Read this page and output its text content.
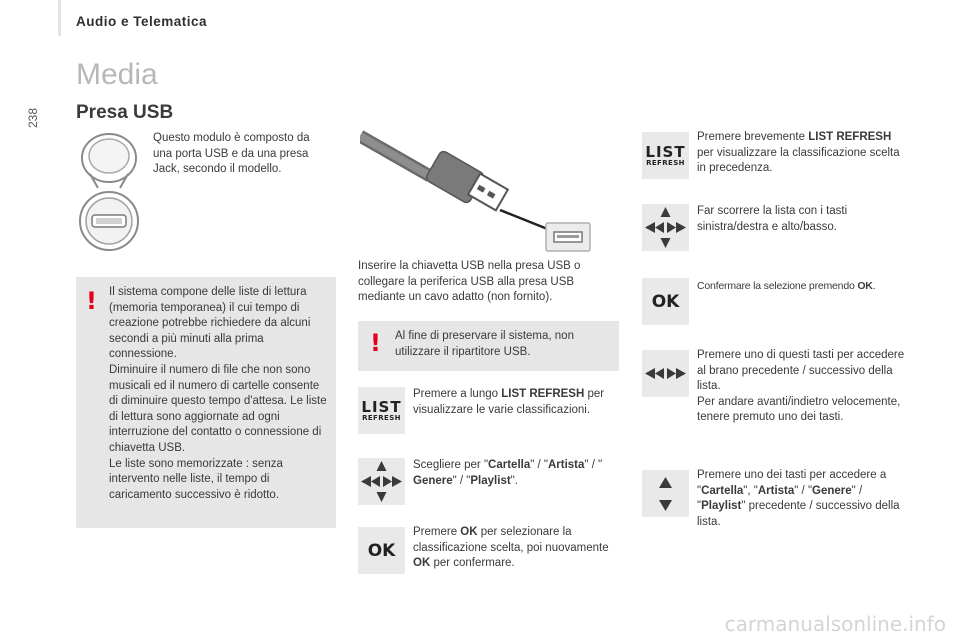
Audio e Telematica
238
Media
Presa USB
Questo modulo è composto da una porta USB e da una presa Jack, secondo il modello.
! Il sistema compone delle liste di lettura (memoria temporanea) il cui tempo di creazione potrebbe richiedere da alcuni secondi a più minuti alla prima connessione.

Diminuire il numero di file che non sono musicali ed il numero di cartelle consente di diminuire questo tempo d'attesa. Le liste di lettura sono aggiornate ad ogni interruzione del contatto o connessione di chiavetta USB.

Le liste sono memorizzate : senza intervento nelle liste, il tempo di caricamento successivo è ridotto.

Inserire la chiavetta USB nella presa USB o collegare la periferica USB alla presa USB mediante un cavo adatto (non fornito).
! Al fine di preservare il sistema, non utilizzare il ripartitore USB.
LIST
REFRESH
Premere a lungo LIST REFRESH per visualizzare le varie classificazioni.
Scegliere per "Cartella" / "Artista" / "
Genere" / "Playlist".
OK
Premere OK per selezionare la classificazione scelta, poi nuovamente OK per confermare.
LIST
REFRESH
Premere brevemente LIST REFRESH per visualizzare la classificazione scelta in precedenza.
Far scorrere la lista con i tasti sinistra/destra e alto/basso.
OK
Confermare la selezione premendo OK.

Premere uno di questi tasti per accedere al brano precedente / successivo della lista.

Per andare avanti/indietro velocemente, tenere premuto uno dei tasti.

Premere uno dei tasti per accedere a "Cartella", "Artista" / "Genere" / "Playlist" precedente / successivo della lista.
carmanualsonline.info
